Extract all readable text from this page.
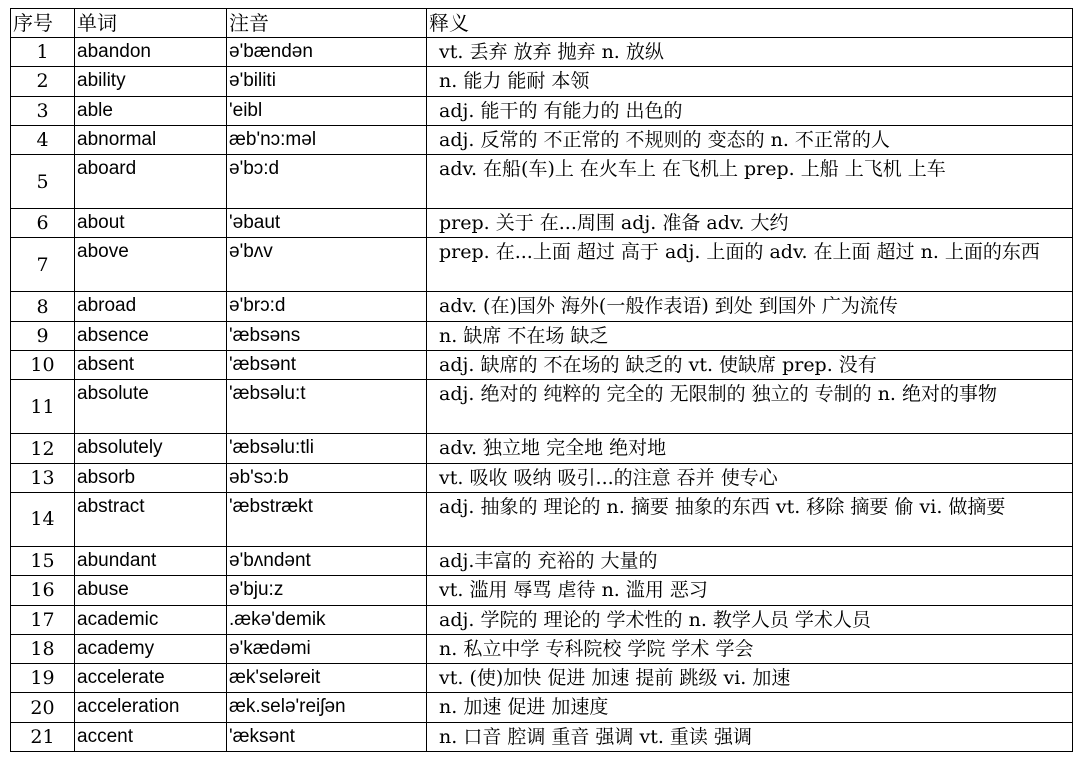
序号	单词	注音	释义
1	abandon	ə'bændən	vt. 丢弃 放弃 抛弃 n. 放纵
2	ability	ə'biliti	n. 能力 能耐 本领
3	able	'eibl	adj. 能干的 有能力的 出色的
4	abnormal	æb'nɔ:məl	adj. 反常的 不正常的 不规则的 变态的 n. 不正常的人
5	aboard	ə'bɔ:d	adv. 在船(车)上 在火车上 在飞机上 prep. 上船 上飞机 上车
6	about	'əbaut	prep. 关于 在...周围 adj. 准备 adv. 大约
7	above	ə'bʌv	prep. 在...上面 超过 高于 adj. 上面的 adv. 在上面 超过 n. 上面的东西
8	abroad	ə'brɔ:d	adv. (在)国外 海外(一般作表语) 到处 到国外 广为流传
9	absence	'æbsəns	n. 缺席 不在场 缺乏
10	absent	'æbsənt	adj. 缺席的 不在场的 缺乏的 vt. 使缺席 prep. 没有
11	absolute	'æbsəlu:t	adj. 绝对的 纯粹的 完全的 无限制的 独立的 专制的 n. 绝对的事物
12	absolutely	'æbsəlu:tli	adv. 独立地 完全地 绝对地
13	absorb	əb'sɔ:b	vt. 吸收 吸纳 吸引...的注意 吞并 使专心
14	abstract	'æbstrækt	adj. 抽象的 理论的 n. 摘要 抽象的东西 vt. 移除 摘要 偷 vi. 做摘要
15	abundant	ə'bʌndənt	adj.丰富的 充裕的 大量的
16	abuse	ə'bju:z	vt. 滥用 辱骂 虐待 n. 滥用 恶习
17	academic	.ækə'demik	adj. 学院的 理论的 学术性的 n. 教学人员 学术人员
18	academy	ə'kædəmi	n. 私立中学 专科院校 学院 学术 学会
19	accelerate	æk'seləreit	vt. (使)加快 促进 加速 提前 跳级 vi. 加速
20	acceleration	æk.selə'reiʃən	n. 加速 促进 加速度
21	accent	'æksənt	n. 口音 腔调 重音 强调 vt. 重读 强调
